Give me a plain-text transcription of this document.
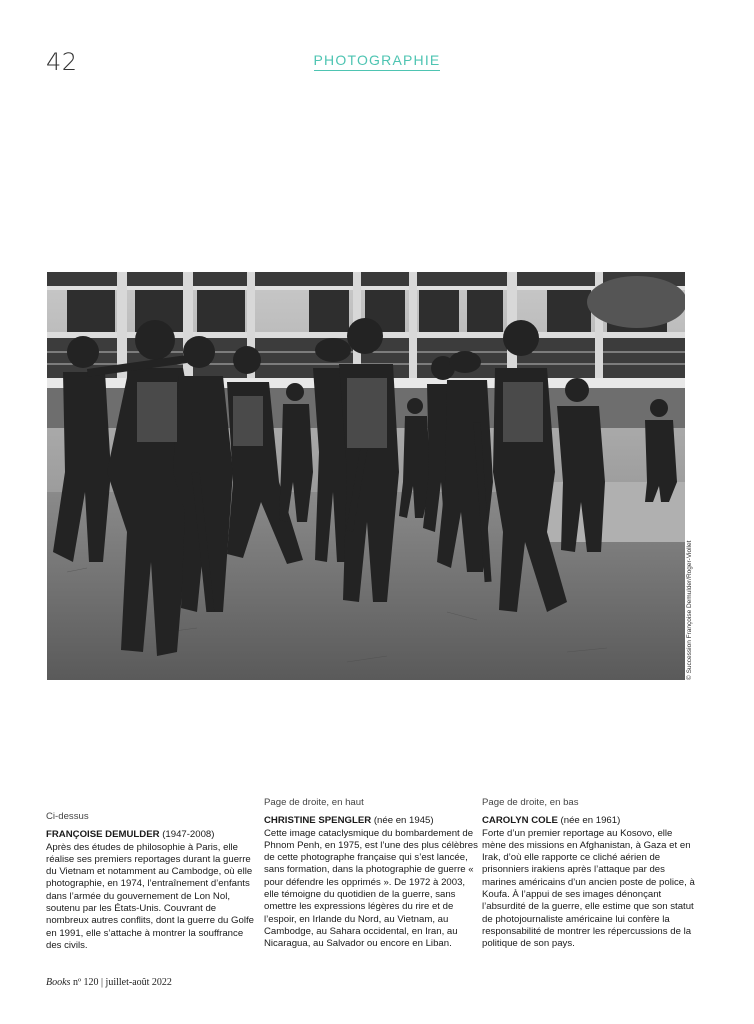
42	PHOTOGRAPHIE
© Succession Françoise Demulder/Roger-Viollet
Ci-dessus
FRANÇOISE DEMULDER (1947-2008)
Après des études de philosophie à Paris, elle réalise ses premiers reportages durant la guerre du Vietnam et notamment au Cambodge, où elle photographie, en 1974, l’entraînement d’enfants dans l’armée du gouvernement de Lon Nol, soutenu par les États-Unis. Couvrant de nombreux autres conflits, dont la guerre du Golfe en 1991, elle s’attache à montrer la souffrance des civils.
Page de droite, en haut
CHRISTINE SPENGLER (née en 1945)
Cette image cataclysmique du bombardement de Phnom Penh, en 1975, est l’une des plus célèbres de cette photographe française qui s’est lancée, sans formation, dans la photographie de guerre « pour défendre les opprimés ». De 1972 à 2003, elle témoigne du quotidien de la guerre, sans omettre les expressions légères du rire et de l’espoir, en Irlande du Nord, au Vietnam, au Cambodge, au Sahara occidental, en Iran, au Nicaragua, au Salvador ou encore en Liban.
Page de droite, en bas
CAROLYN COLE (née en 1961)
Forte d’un premier reportage au Kosovo, elle mène des missions en Afghanistan, à Gaza et en Irak, d’où elle rapporte ce cliché aérien de prisonniers irakiens après l’attaque par des marines américains d’un ancien poste de police, à Koufa. À l’appui de ses images dénonçant l’absurdité de la guerre, elle estime que son statut de photojournaliste américaine lui confère la responsabilité de montrer les répercussions de la politique de son pays.
Books nº 120 | juillet-août 2022
